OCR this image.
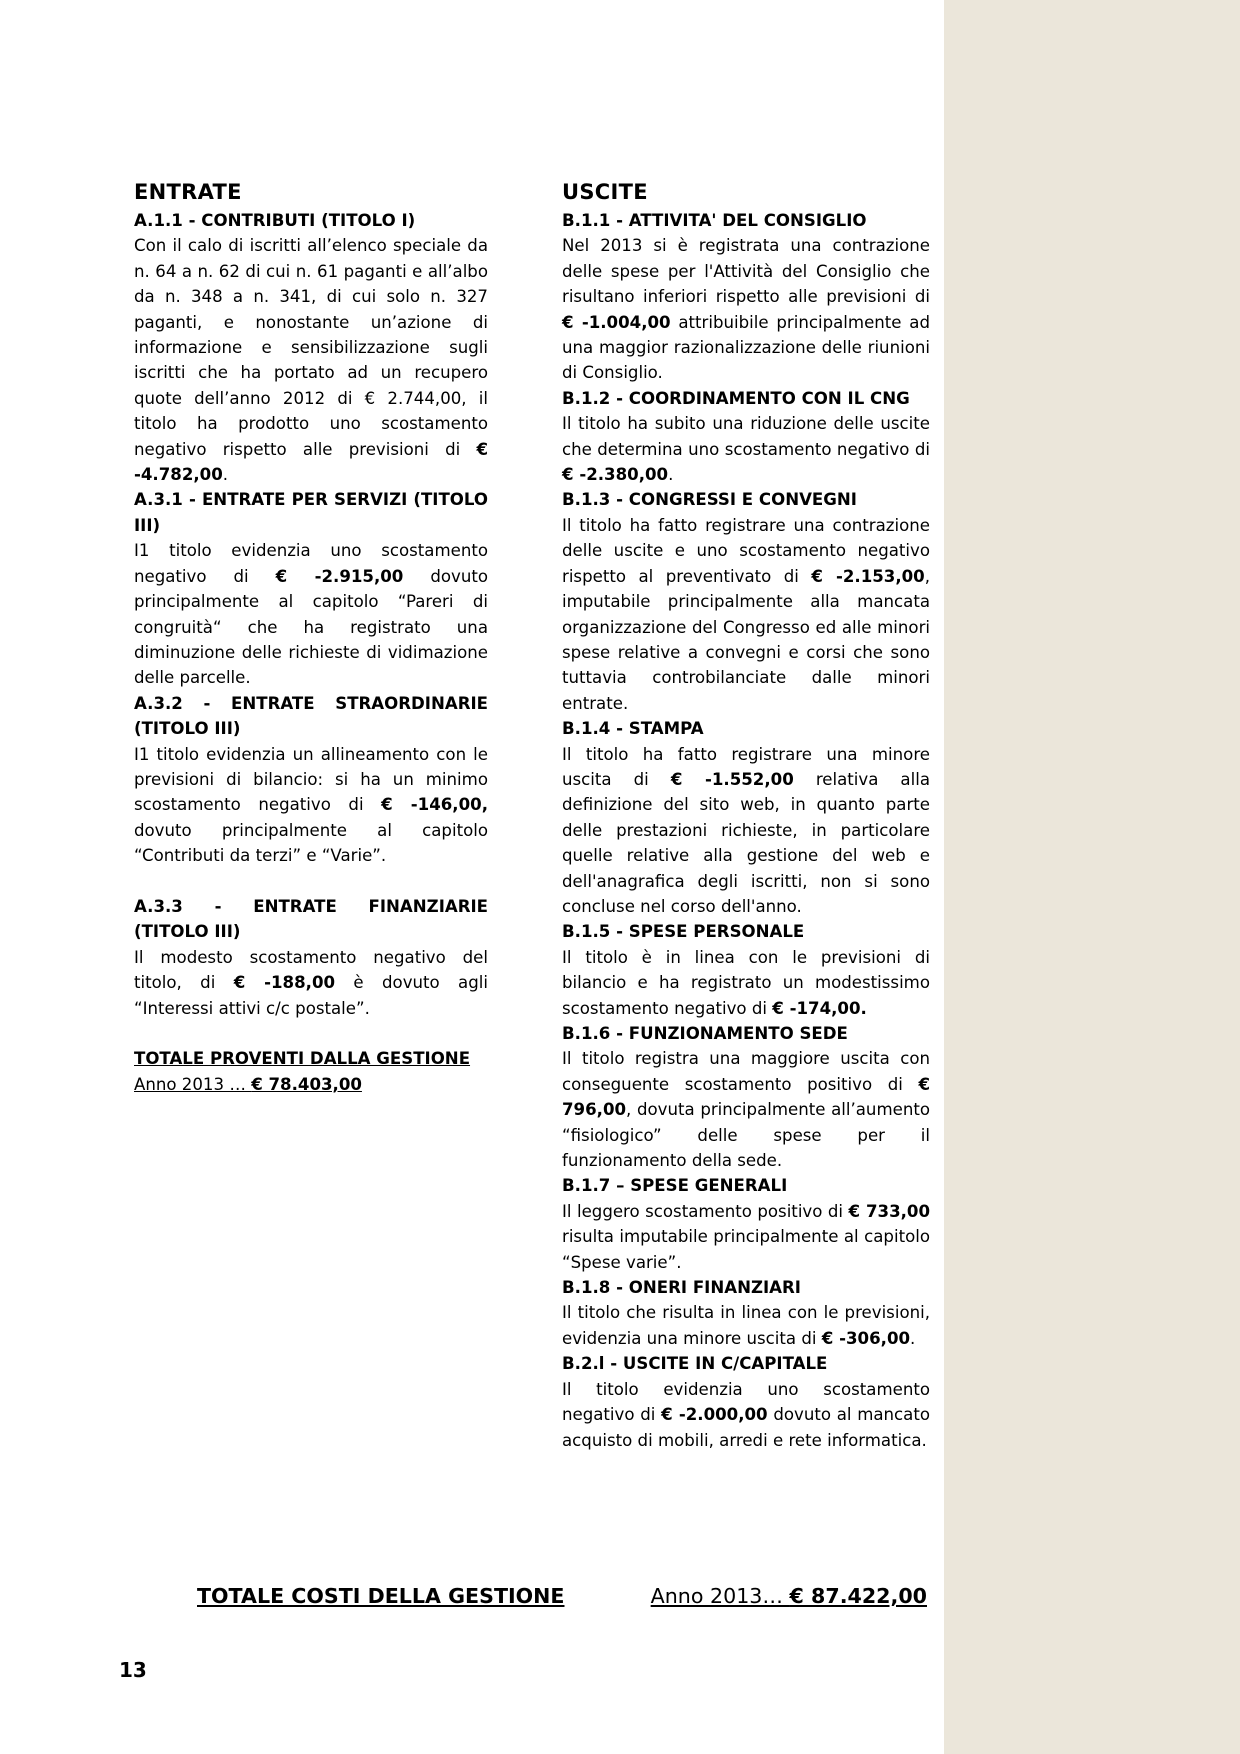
ENTRATE
A.1.1 - CONTRIBUTI (TITOLO I)
Con il calo di iscritti all’elenco speciale da n. 64 a n. 62 di cui n. 61 paganti e all’albo da n. 348 a n. 341, di cui solo n. 327 paganti, e nonostante un’azione di informazione e sensibilizzazione sugli iscritti che ha portato ad un recupero quote dell’anno 2012 di € 2.744,00, il titolo ha prodotto uno scostamento negativo rispetto alle previsioni di € -4.782,00.
A.3.1 - ENTRATE PER SERVIZI (TITOLO III)
I1 titolo evidenzia uno scostamento negativo di € -2.915,00 dovuto principalmente al capitolo “Pareri di congruità“ che ha registrato una diminuzione delle richieste di vidimazione delle parcelle.
A.3.2 - ENTRATE STRAORDINARIE (TITOLO III)
I1 titolo evidenzia un allineamento con le previsioni di bilancio: si ha un minimo scostamento negativo di € -146,00, dovuto principalmente al capitolo “Contributi da terzi” e “Varie”.
A.3.3 - ENTRATE FINANZIARIE (TITOLO III)
Il modesto scostamento negativo del titolo, di € -188,00 è dovuto agli “Interessi attivi c/c postale”.
TOTALE PROVENTI DALLA GESTIONE
Anno 2013 … € 78.403,00
USCITE
B.1.1 - ATTIVITA' DEL CONSIGLIO
Nel 2013 si è registrata una contrazione delle spese per l'Attività del Consiglio che risultano inferiori rispetto alle previsioni di € -1.004,00 attribuibile principalmente ad una maggior razionalizzazione delle riunioni di Consiglio.
B.1.2 - COORDINAMENTO CON IL CNG
Il titolo ha subito una riduzione delle uscite che determina uno scostamento negativo di € -2.380,00.
B.1.3 - CONGRESSI E CONVEGNI
Il titolo ha fatto registrare una contrazione delle uscite e uno scostamento negativo rispetto al preventivato di € -2.153,00, imputabile principalmente alla mancata organizzazione del Congresso ed alle minori spese relative a convegni e corsi che sono tuttavia controbilanciate dalle minori entrate.
B.1.4 - STAMPA
Il titolo ha fatto registrare una minore uscita di € -1.552,00 relativa alla definizione del sito web, in quanto parte delle prestazioni richieste, in particolare quelle relative alla gestione del web e dell'anagrafica degli iscritti, non si sono concluse nel corso dell'anno.
B.1.5 - SPESE PERSONALE
Il titolo è in linea con le previsioni di bilancio e ha registrato un modestissimo scostamento negativo di € -174,00.
B.1.6 - FUNZIONAMENTO SEDE
Il titolo registra una maggiore uscita con conseguente scostamento positivo di € 796,00, dovuta principalmente all’aumento “fisiologico” delle spese per il funzionamento della sede.
B.1.7 – SPESE GENERALI
Il leggero scostamento positivo di € 733,00 risulta imputabile principalmente al capitolo “Spese varie”.
B.1.8 - ONERI FINANZIARI
Il titolo che risulta in linea con le previsioni, evidenzia una minore uscita di € -306,00.
B.2.l - USCITE IN C/CAPITALE
Il titolo evidenzia uno scostamento negativo di € -2.000,00 dovuto al mancato acquisto di mobili, arredi e rete informatica.
TOTALE COSTI DELLA GESTIONE	Anno 2013… € 87.422,00
13
